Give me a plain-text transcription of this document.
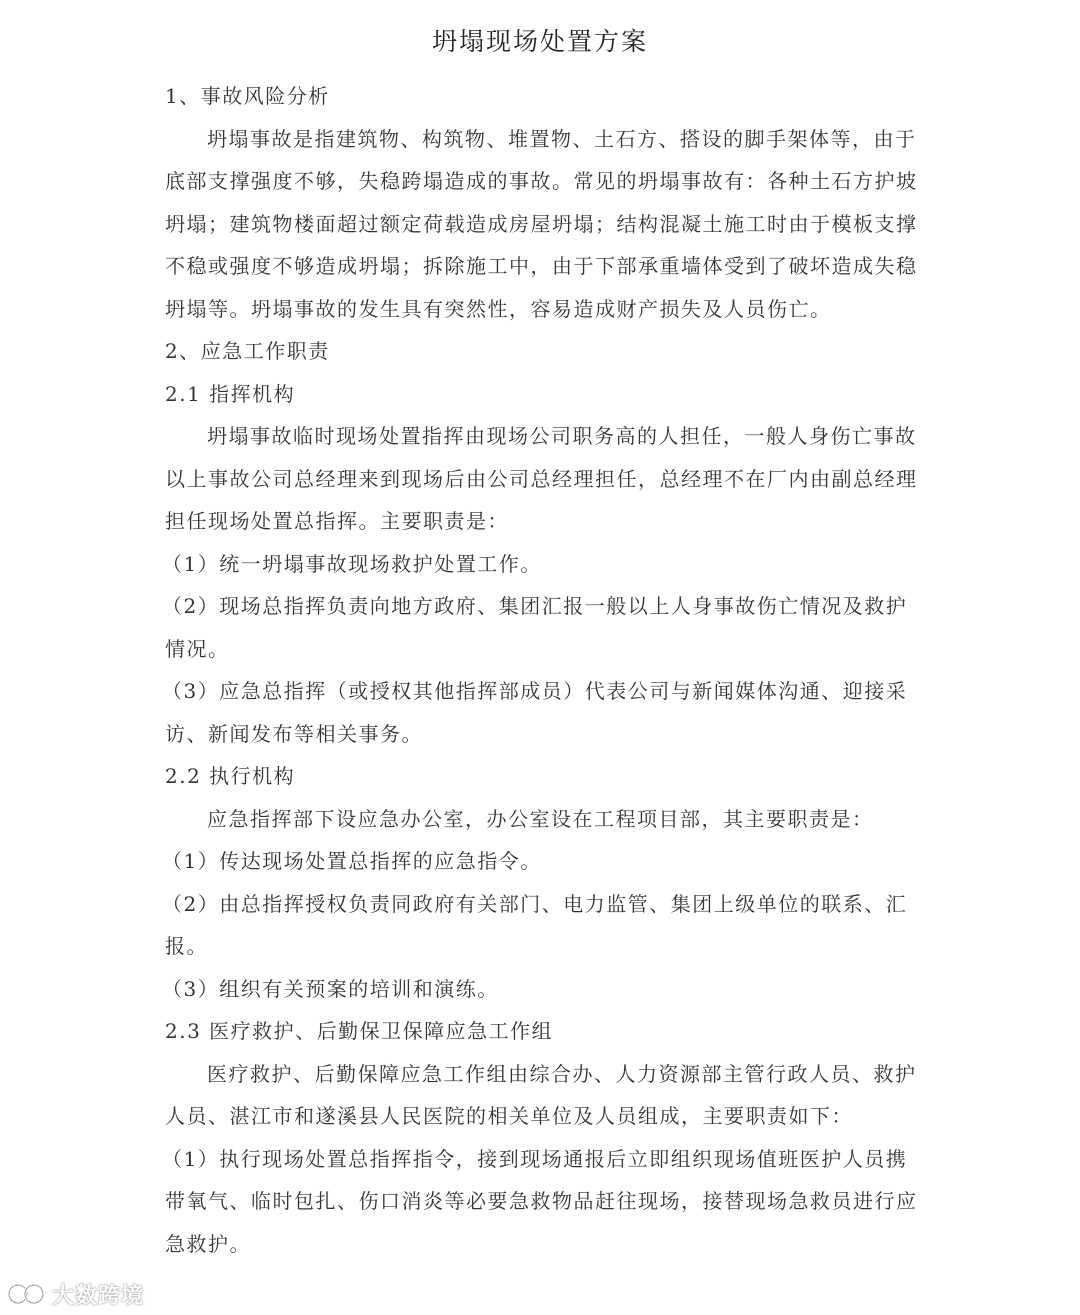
坍塌现场处置方案
1、事故风险分析
坍塌事故是指建筑物、构筑物、堆置物、土石方、搭设的脚手架体等，由于
底部支撑强度不够，失稳跨塌造成的事故。常见的坍塌事故有：各种土石方护坡
坍塌；建筑物楼面超过额定荷载造成房屋坍塌；结构混凝土施工时由于模板支撑
不稳或强度不够造成坍塌；拆除施工中，由于下部承重墙体受到了破坏造成失稳
坍塌等。坍塌事故的发生具有突然性，容易造成财产损失及人员伤亡。
2、应急工作职责
2.1 指挥机构
坍塌事故临时现场处置指挥由现场公司职务高的人担任，一般人身伤亡事故
以上事故公司总经理来到现场后由公司总经理担任，总经理不在厂内由副总经理
担任现场处置总指挥。主要职责是：
（1）统一坍塌事故现场救护处置工作。
（2）现场总指挥负责向地方政府、集团汇报一般以上人身事故伤亡情况及救护
情况。
（3）应急总指挥（或授权其他指挥部成员）代表公司与新闻媒体沟通、迎接采
访、新闻发布等相关事务。
2.2 执行机构
应急指挥部下设应急办公室，办公室设在工程项目部，其主要职责是：
（1）传达现场处置总指挥的应急指令。
（2）由总指挥授权负责同政府有关部门、电力监管、集团上级单位的联系、汇
报。
（3）组织有关预案的培训和演练。
2.3 医疗救护、后勤保卫保障应急工作组
医疗救护、后勤保障应急工作组由综合办、人力资源部主管行政人员、救护
人员、湛江市和遂溪县人民医院的相关单位及人员组成，主要职责如下：
（1）执行现场处置总指挥指令，接到现场通报后立即组织现场值班医护人员携
带氧气、临时包扎、伤口消炎等必要急救物品赶往现场，接替现场急救员进行应
急救护。
大数跨境
